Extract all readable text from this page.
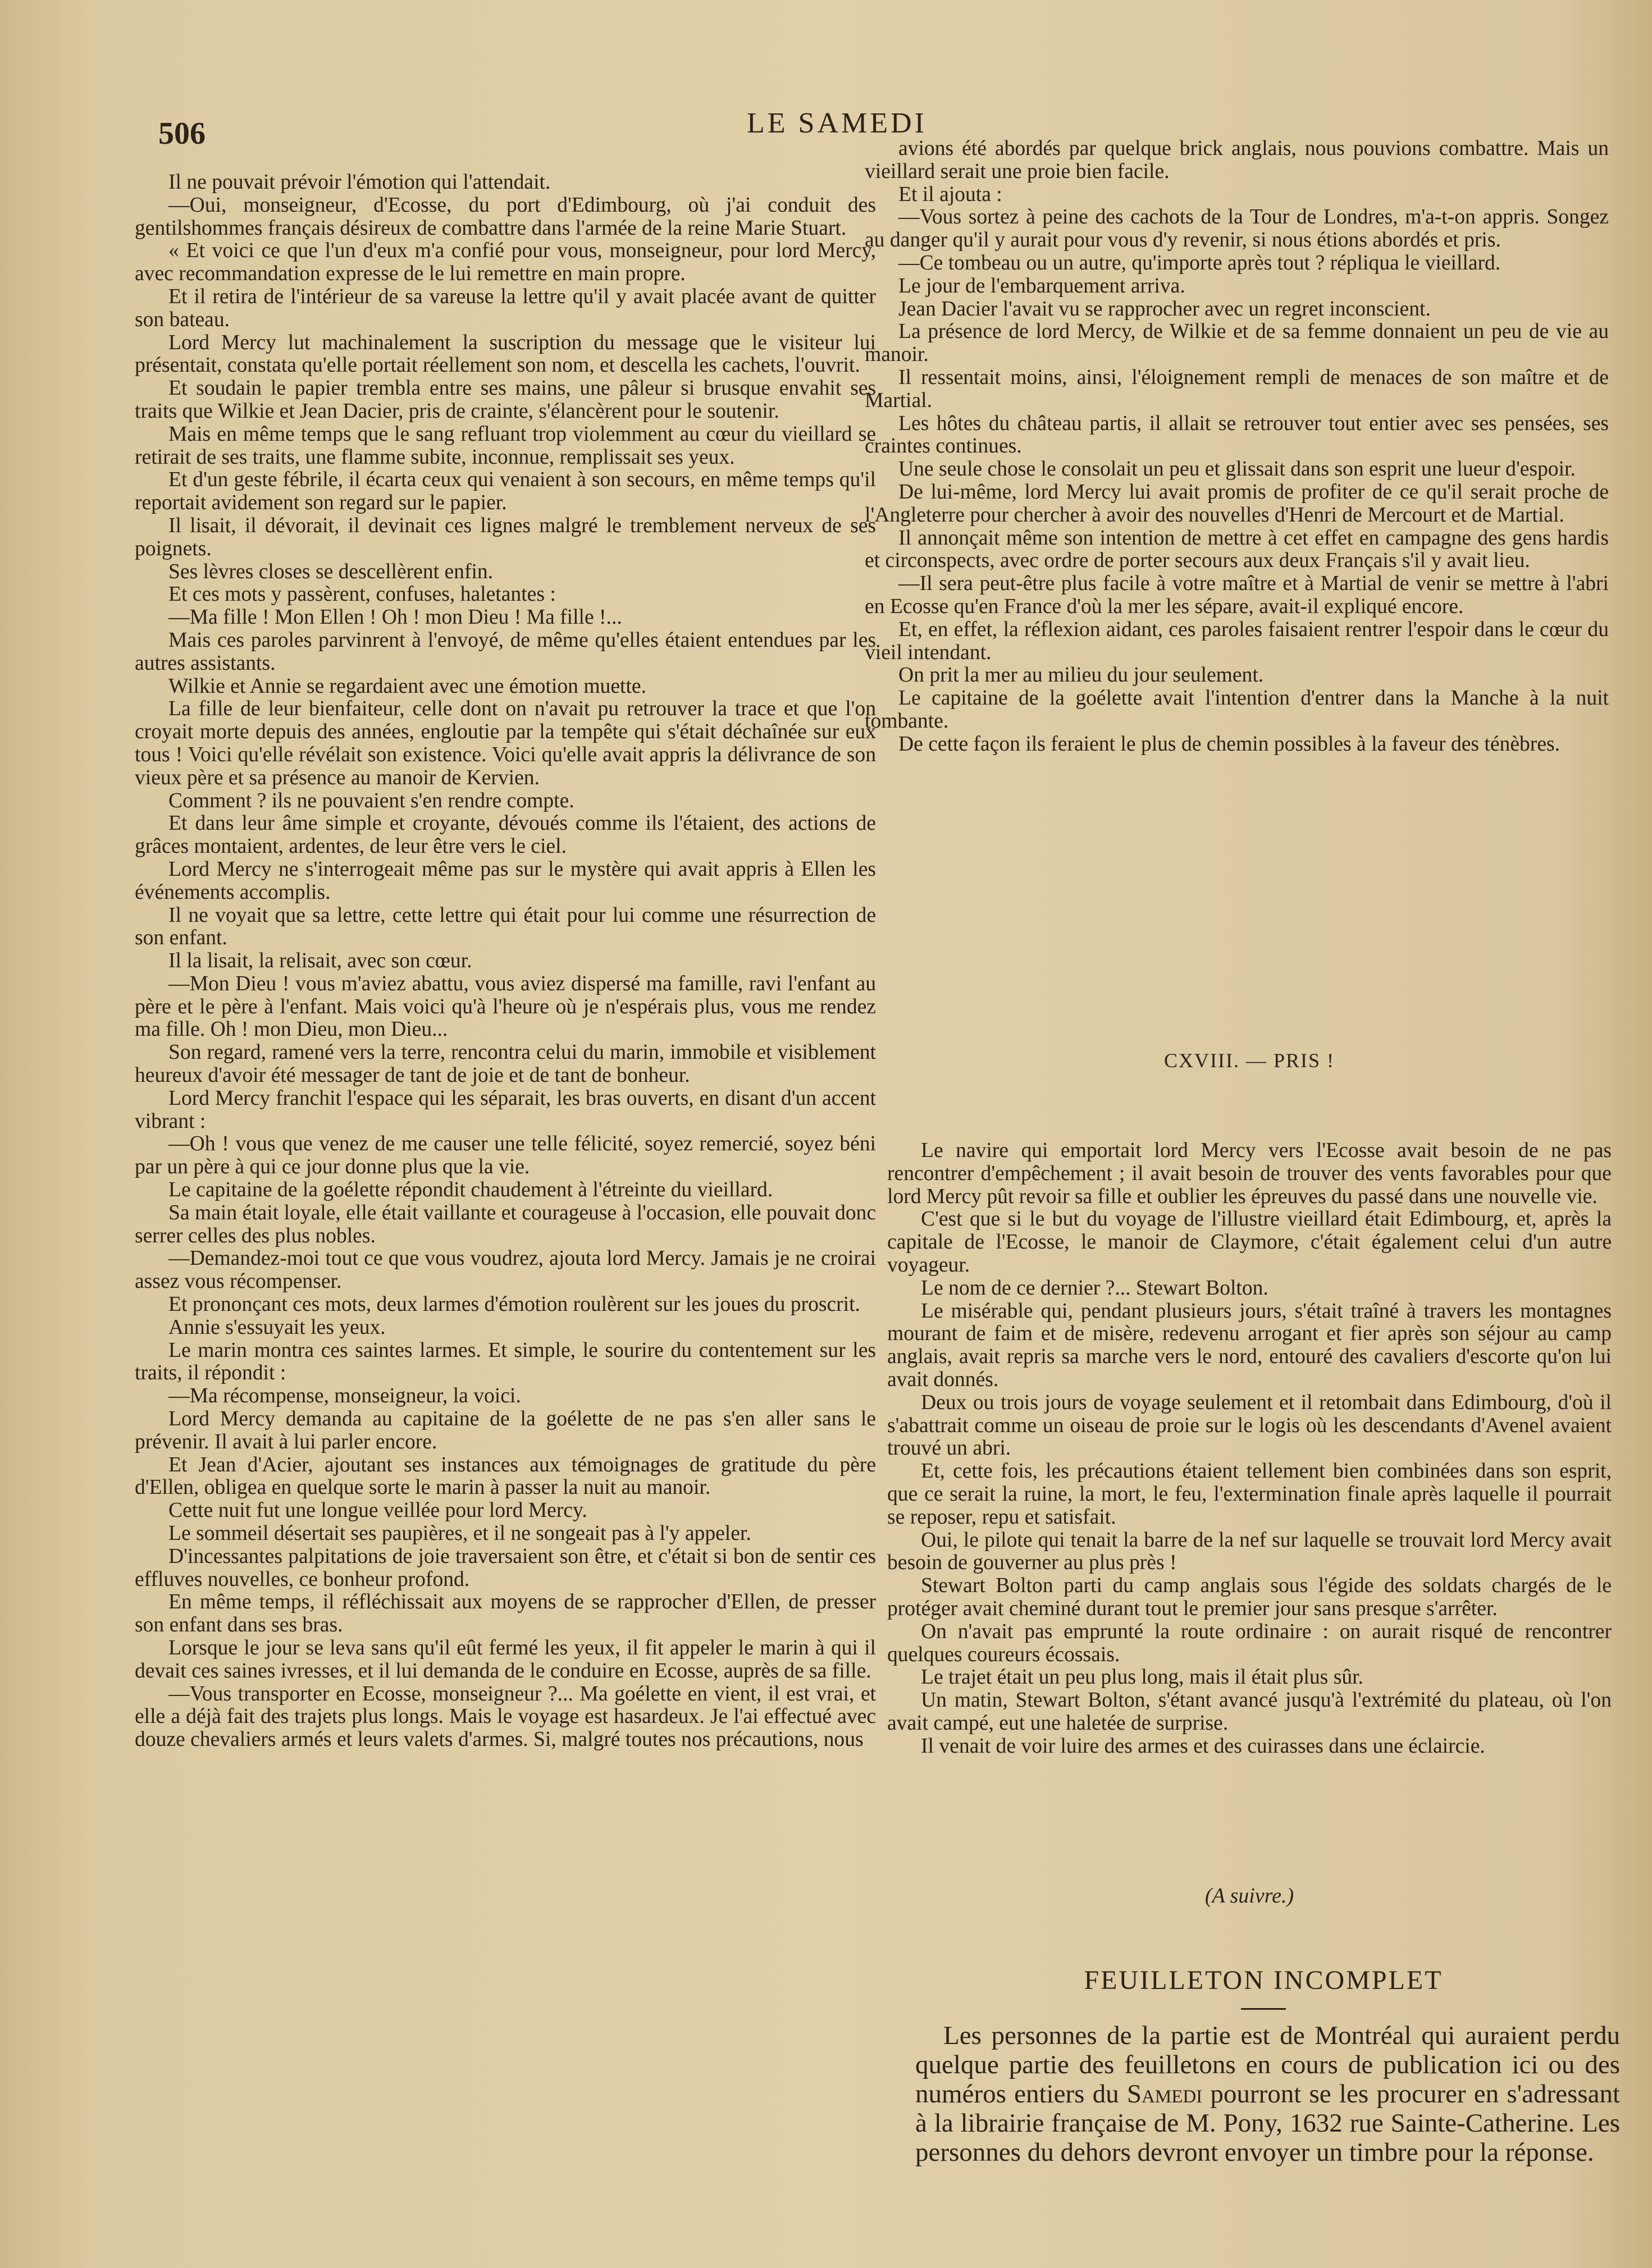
506	LE SAMEDI

Il ne pouvait prévoir l'émotion qui l'attendait.

—Oui, monseigneur, d'Ecosse, du port d'Edimbourg, où j'ai conduit des gentilshommes français désireux de combattre dans l'armée de la reine Marie Stuart.

« Et voici ce que l'un d'eux m'a confié pour vous, monseigneur, pour lord Mercy, avec recommandation expresse de le lui remettre en main propre.

Et il retira de l'intérieur de sa vareuse la lettre qu'il y avait placée avant de quitter son bateau.

Lord Mercy lut machinalement la suscription du message que le visiteur lui présentait, constata qu'elle portait réellement son nom, et descella les cachets, l'ouvrit.

Et soudain le papier trembla entre ses mains, une pâleur si brusque envahit ses traits que Wilkie et Jean Dacier, pris de crainte, s'élancèrent pour le soutenir.

Mais en même temps que le sang refluant trop violemment au cœur du vieillard se retirait de ses traits, une flamme subite, inconnue, remplissait ses yeux.

Et d'un geste fébrile, il écarta ceux qui venaient à son secours, en même temps qu'il reportait avidement son regard sur le papier.

Il lisait, il dévorait, il devinait ces lignes malgré le tremblement nerveux de ses poignets.

Ses lèvres closes se descellèrent enfin.

Et ces mots y passèrent, confuses, haletantes :

—Ma fille ! Mon Ellen ! Oh ! mon Dieu ! Ma fille !...

Mais ces paroles parvinrent à l'envoyé, de même qu'elles étaient entendues par les autres assistants.

Wilkie et Annie se regardaient avec une émotion muette.

La fille de leur bienfaiteur, celle dont on n'avait pu retrouver la trace et que l'on croyait morte depuis des années, engloutie par la tempête qui s'était déchaînée sur eux tous ! Voici qu'elle révélait son existence. Voici qu'elle avait appris la délivrance de son vieux père et sa présence au manoir de Kervien.

Comment ? ils ne pouvaient s'en rendre compte.

Et dans leur âme simple et croyante, dévoués comme ils l'étaient, des actions de grâces montaient, ardentes, de leur être vers le ciel.

Lord Mercy ne s'interrogeait même pas sur le mystère qui avait appris à Ellen les événements accomplis.

Il ne voyait que sa lettre, cette lettre qui était pour lui comme une résurrection de son enfant.

Il la lisait, la relisait, avec son cœur.

—Mon Dieu ! vous m'aviez abattu, vous aviez dispersé ma famille, ravi l'enfant au père et le père à l'enfant. Mais voici qu'à l'heure où je n'espérais plus, vous me rendez ma fille. Oh ! mon Dieu, mon Dieu...

Son regard, ramené vers la terre, rencontra celui du marin, immobile et visiblement heureux d'avoir été messager de tant de joie et de tant de bonheur.

Lord Mercy franchit l'espace qui les séparait, les bras ouverts, en disant d'un accent vibrant :

—Oh ! vous que venez de me causer une telle félicité, soyez remercié, soyez béni par un père à qui ce jour donne plus que la vie.

Le capitaine de la goélette répondit chaudement à l'étreinte du vieillard.

Sa main était loyale, elle était vaillante et courageuse à l'occasion, elle pouvait donc serrer celles des plus nobles.

—Demandez-moi tout ce que vous voudrez, ajouta lord Mercy. Jamais je ne croirai assez vous récompenser.

Et prononçant ces mots, deux larmes d'émotion roulèrent sur les joues du proscrit.

Annie s'essuyait les yeux.

Le marin montra ces saintes larmes. Et simple, le sourire du contentement sur les traits, il répondit :

—Ma récompense, monseigneur, la voici.

Lord Mercy demanda au capitaine de la goélette de ne pas s'en aller sans le prévenir. Il avait à lui parler encore.

Et Jean d'Acier, ajoutant ses instances aux témoignages de gratitude du père d'Ellen, obligea en quelque sorte le marin à passer la nuit au manoir.

Cette nuit fut une longue veillée pour lord Mercy.

Le sommeil désertait ses paupières, et il ne songeait pas à l'y appeler.

D'incessantes palpitations de joie traversaient son être, et c'était si bon de sentir ces effluves nouvelles, ce bonheur profond.

En même temps, il réfléchissait aux moyens de se rapprocher d'Ellen, de presser son enfant dans ses bras.

Lorsque le jour se leva sans qu'il eût fermé les yeux, il fit appeler le marin à qui il devait ces saines ivresses, et il lui demanda de le conduire en Ecosse, auprès de sa fille.

—Vous transporter en Ecosse, monseigneur ?... Ma goélette en vient, il est vrai, et elle a déjà fait des trajets plus longs. Mais le voyage est hasardeux. Je l'ai effectué avec douze chevaliers armés et leurs valets d'armes. Si, malgré toutes nos précautions, nous

avions été abordés par quelque brick anglais, nous pouvions combattre. Mais un vieillard serait une proie bien facile.

Et il ajouta :

—Vous sortez à peine des cachots de la Tour de Londres, m'a-t-on appris. Songez au danger qu'il y aurait pour vous d'y revenir, si nous étions abordés et pris.

—Ce tombeau ou un autre, qu'importe après tout ? répliqua le vieillard.

Le jour de l'embarquement arriva.

Jean Dacier l'avait vu se rapprocher avec un regret inconscient.

La présence de lord Mercy, de Wilkie et de sa femme donnaient un peu de vie au manoir.

Il ressentait moins, ainsi, l'éloignement rempli de menaces de son maître et de Martial.

Les hôtes du château partis, il allait se retrouver tout entier avec ses pensées, ses craintes continues.

Une seule chose le consolait un peu et glissait dans son esprit une lueur d'espoir.

De lui-même, lord Mercy lui avait promis de profiter de ce qu'il serait proche de l'Angleterre pour chercher à avoir des nouvelles d'Henri de Mercourt et de Martial.

Il annonçait même son intention de mettre à cet effet en campagne des gens hardis et circonspects, avec ordre de porter secours aux deux Français s'il y avait lieu.

—Il sera peut-être plus facile à votre maître et à Martial de venir se mettre à l'abri en Ecosse qu'en France d'où la mer les sépare, avait-il expliqué encore.

Et, en effet, la réflexion aidant, ces paroles faisaient rentrer l'espoir dans le cœur du vieil intendant.

On prit la mer au milieu du jour seulement.

Le capitaine de la goélette avait l'intention d'entrer dans la Manche à la nuit tombante.

De cette façon ils feraient le plus de chemin possibles à la faveur des ténèbres.

CXVIII. — PRIS !

Le navire qui emportait lord Mercy vers l'Ecosse avait besoin de ne pas rencontrer d'empêchement ; il avait besoin de trouver des vents favorables pour que lord Mercy pût revoir sa fille et oublier les épreuves du passé dans une nouvelle vie.

C'est que si le but du voyage de l'illustre vieillard était Edimbourg, et, après la capitale de l'Ecosse, le manoir de Claymore, c'était également celui d'un autre voyageur.

Le nom de ce dernier ?... Stewart Bolton.

Le misérable qui, pendant plusieurs jours, s'était traîné à travers les montagnes mourant de faim et de misère, redevenu arrogant et fier après son séjour au camp anglais, avait repris sa marche vers le nord, entouré des cavaliers d'escorte qu'on lui avait donnés.

Deux ou trois jours de voyage seulement et il retombait dans Edimbourg, d'où il s'abattrait comme un oiseau de proie sur le logis où les descendants d'Avenel avaient trouvé un abri.

Et, cette fois, les précautions étaient tellement bien combinées dans son esprit, que ce serait la ruine, la mort, le feu, l'extermination finale après laquelle il pourrait se reposer, repu et satisfait.

Oui, le pilote qui tenait la barre de la nef sur laquelle se trouvait lord Mercy avait besoin de gouverner au plus près !

Stewart Bolton parti du camp anglais sous l'égide des soldats chargés de le protéger avait cheminé durant tout le premier jour sans presque s'arrêter.

On n'avait pas emprunté la route ordinaire : on aurait risqué de rencontrer quelques coureurs écossais.

Le trajet était un peu plus long, mais il était plus sûr.

Un matin, Stewart Bolton, s'étant avancé jusqu'à l'extrémité du plateau, où l'on avait campé, eut une haletée de surprise.

Il venait de voir luire des armes et des cuirasses dans une éclaircie.

(A suivre.)
FEUILLETON INCOMPLET

Les personnes de la partie est de Montréal qui auraient perdu quelque partie des feuilletons en cours de publication ici ou des numéros entiers du Samedi pourront se les procurer en s'adressant à la librairie française de M. Pony, 1632 rue Sainte-Catherine. Les personnes du dehors devront envoyer un timbre pour la réponse.
